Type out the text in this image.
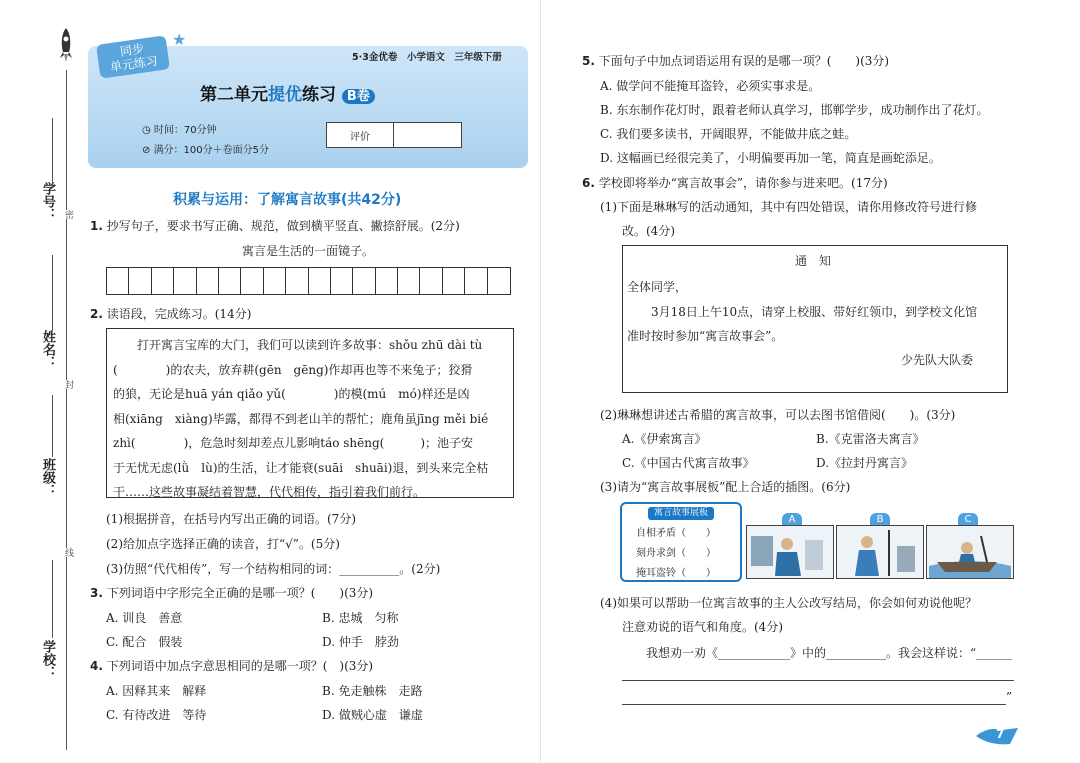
学号：
姓名：
班级：
学校：
密
封
线
同步
单元练习
★
5·3金优卷　小学语文　三年级下册
第二单元提优练习 B卷
◷ 时间：70分钟
⊘ 满分：100分＋卷面分5分
评价
积累与运用：了解寓言故事(共42分)
1. 抄写句子，要求书写正确、规范，做到横平竖直、撇捺舒展。(2分)
寓言是生活的一面镜子。
2. 读语段，完成练习。(14分)
　　打开寓言宝库的大门，我们可以读到许多故事：shǒu zhū dài tù
(　　　　)的农夫，放弃耕(gēn　gēng)作却再也等不来兔子；狡猾
的狼，无论是huā yán qiǎo yǔ(　　　　)的模(mú　mó)样还是凶
相(xiāng　xiàng)毕露，都得不到老山羊的帮忙；鹿角虽jīng měi bié
zhì(　　　　)，危急时刻却差点儿影响táo shēng(　　　)；池子安
于无忧无虑(lǜ　lù)的生活，让才能衰(suāi　shuāi)退，到头来完全枯
干……这些故事凝结着智慧，代代相传，指引着我们前行。
(1)根据拼音，在括号内写出正确的词语。(7分)
(2)给加点字选择正确的读音，打“√”。(5分)
(3)仿照“代代相传”，写一个结构相同的词：__________。(2分)
3. 下列词语中字形完全正确的是哪一项？(　　)(3分)
A. 训良　善意	B. 忠城　匀称
C. 配合　假装	D. 仲手　脖劲
4. 下列词语中加点字意思相同的是哪一项？(　)(3分)
A. 因释其来　解释	B. 免走触株　走路
C. 有待改进　等待	D. 做贼心虚　谦虚
5. 下面句子中加点词语运用有误的是哪一项？(　　)(3分)
A. 做学问不能掩耳盗铃，必须实事求是。
B. 东东制作花灯时，跟着老师认真学习，邯郸学步，成功制作出了花灯。
C. 我们要多读书，开阔眼界，不能做井底之蛙。
D. 这幅画已经很完美了，小明偏要再加一笔，简直是画蛇添足。
6. 学校即将举办“寓言故事会”，请你参与进来吧。(17分)
(1)下面是琳琳写的活动通知，其中有四处错误，请你用修改符号进行修
改。(4分)
通　知
全体同学，
　　3月18日上午10点，请穿上校服、带好红领巾，到学校文化馆
准时按时参加“寓言故事会”。
少先队大队委
(2)琳琳想讲述古希腊的寓言故事，可以去图书馆借阅(　　)。(3分)
A.《伊索寓言》	B.《克雷洛夫寓言》
C.《中国古代寓言故事》	D.《拉封丹寓言》
(3)请为“寓言故事展板”配上合适的插图。(6分)
寓言故事展板
自相矛盾（　　）
刻舟求剑（　　）
掩耳盗铃（　　）
A	B	C
(4)如果可以帮助一位寓言故事的主人公改写结局，你会如何劝说他呢？
注意劝说的语气和角度。(4分)
我想劝一劝《____________》中的__________。我会这样说：“______
”
7
